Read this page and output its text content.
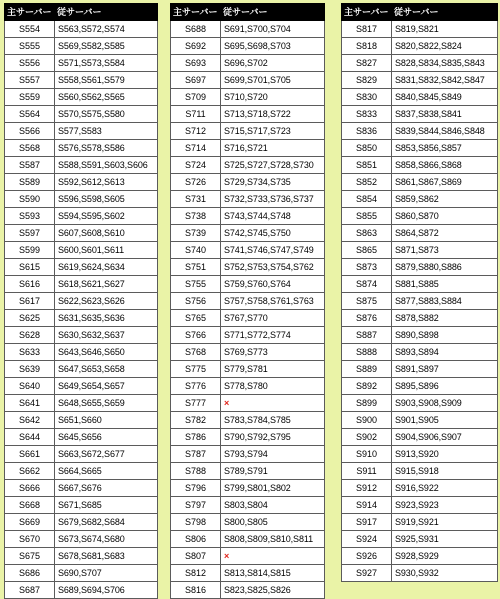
主サーバー	従サーバー
S554	S563,S572,S574
S555	S569,S582,S585
S556	S571,S573,S584
S557	S558,S561,S579
S559	S560,S562,S565
S564	S570,S575,S580
S566	S577,S583
S568	S576,S578,S586
S587	S588,S591,S603,S606
S589	S592,S612,S613
S590	S596,S598,S605
S593	S594,S595,S602
S597	S607,S608,S610
S599	S600,S601,S611
S615	S619,S624,S634
S616	S618,S621,S627
S617	S622,S623,S626
S625	S631,S635,S636
S628	S630,S632,S637
S633	S643,S646,S650
S639	S647,S653,S658
S640	S649,S654,S657
S641	S648,S655,S659
S642	S651,S660
S644	S645,S656
S661	S663,S672,S677
S662	S664,S665
S666	S667,S676
S668	S671,S685
S669	S679,S682,S684
S670	S673,S674,S680
S675	S678,S681,S683
S686	S690,S707
S687	S689,S694,S706
主サーバー	従サーバー
S688	S691,S700,S704
S692	S695,S698,S703
S693	S696,S702
S697	S699,S701,S705
S709	S710,S720
S711	S713,S718,S722
S712	S715,S717,S723
S714	S716,S721
S724	S725,S727,S728,S730
S726	S729,S734,S735
S731	S732,S733,S736,S737
S738	S743,S744,S748
S739	S742,S745,S750
S740	S741,S746,S747,S749
S751	S752,S753,S754,S762
S755	S759,S760,S764
S756	S757,S758,S761,S763
S765	S767,S770
S766	S771,S772,S774
S768	S769,S773
S775	S779,S781
S776	S778,S780
S777	×
S782	S783,S784,S785
S786	S790,S792,S795
S787	S793,S794
S788	S789,S791
S796	S799,S801,S802
S797	S803,S804
S798	S800,S805
S806	S808,S809,S810,S811
S807	×
S812	S813,S814,S815
S816	S823,S825,S826
主サーバー	従サーバー
S817	S819,S821
S818	S820,S822,S824
S827	S828,S834,S835,S843
S829	S831,S832,S842,S847
S830	S840,S845,S849
S833	S837,S838,S841
S836	S839,S844,S846,S848
S850	S853,S856,S857
S851	S858,S866,S868
S852	S861,S867,S869
S854	S859,S862
S855	S860,S870
S863	S864,S872
S865	S871,S873
S873	S879,S880,S886
S874	S881,S885
S875	S877,S883,S884
S876	S878,S882
S887	S890,S898
S888	S893,S894
S889	S891,S897
S892	S895,S896
S899	S903,S908,S909
S900	S901,S905
S902	S904,S906,S907
S910	S913,S920
S911	S915,S918
S912	S916,S922
S914	S923,S923
S917	S919,S921
S924	S925,S931
S926	S928,S929
S927	S930,S932
